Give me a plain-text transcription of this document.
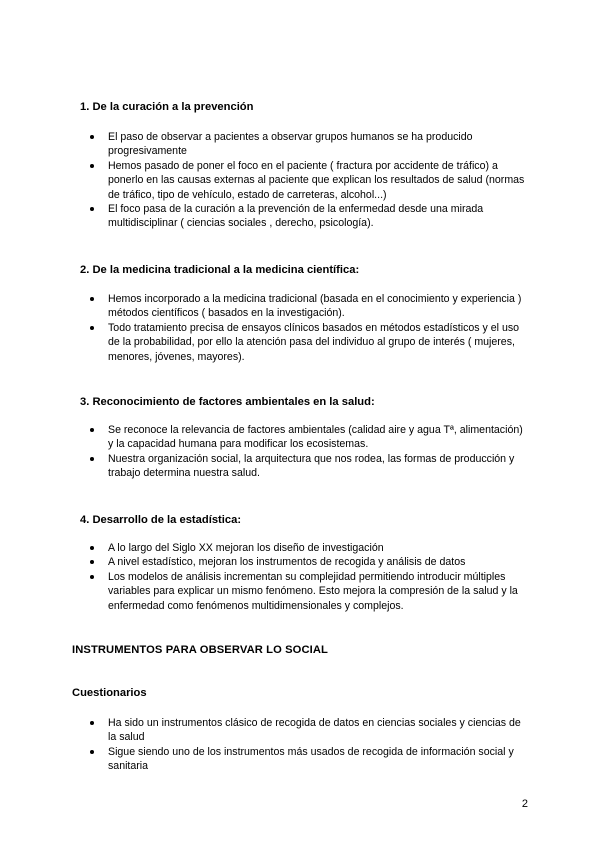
1. De la curación a la prevención
El paso de observar a pacientes a observar grupos humanos se ha producido progresivamente
Hemos pasado de poner el foco en el paciente ( fractura por accidente de tráfico) a ponerlo en las causas externas al paciente que explican los resultados de salud (normas de tráfico, tipo de vehículo, estado de carreteras, alcohol...)
El foco pasa de la curación a la prevención de la enfermedad desde una mirada multidisciplinar ( ciencias sociales , derecho, psicología).
2. De la medicina tradicional a la medicina científica:
Hemos incorporado a la medicina tradicional (basada en el conocimiento y experiencia ) métodos científicos ( basados en la investigación).
Todo tratamiento precisa de ensayos clínicos basados en métodos estadísticos y el uso de la probabilidad, por ello la atención pasa del individuo al grupo de interés ( mujeres, menores, jóvenes, mayores).
3. Reconocimiento de factores ambientales en la salud:
Se reconoce la relevancia de factores ambientales (calidad aire y agua Tª, alimentación) y la capacidad humana para modificar los ecosistemas.
Nuestra organización social, la arquitectura que nos rodea, las formas de producción y trabajo determina nuestra salud.
4. Desarrollo de la estadística:
A lo largo del Siglo XX mejoran los diseño de investigación
A nivel estadístico, mejoran los instrumentos de recogida y análisis de datos
Los modelos de análisis incrementan su complejidad permitiendo introducir múltiples variables para explicar un mismo fenómeno. Esto mejora la compresión de la salud y la enfermedad como fenómenos multidimensionales y complejos.
INSTRUMENTOS PARA OBSERVAR LO SOCIAL
Cuestionarios
Ha sido un instrumentos clásico de recogida de datos en ciencias sociales y ciencias de la salud
Sigue siendo uno de los instrumentos más usados de recogida de información social y sanitaria
2
